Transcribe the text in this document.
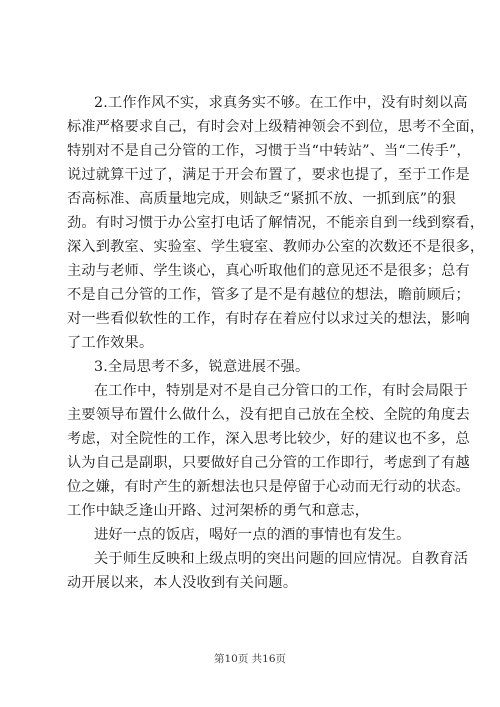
2.工作作风不实，求真务实不够。在工作中，没有时刻以高
标准严格要求自己，有时会对上级精神领会不到位，思考不全面，
特别对不是自己分管的工作，习惯于当“中转站”、当“二传手”，
说过就算干过了，满足于开会布置了，要求也提了，至于工作是
否高标准、高质量地完成，则缺乏“紧抓不放、一抓到底”的狠
劲。有时习惯于办公室打电话了解情况，不能亲自到一线到察看，
深入到教室、实验室、学生寝室、教师办公室的次数还不是很多，
主动与老师、学生谈心，真心听取他们的意见还不是很多；总有
不是自己分管的工作，管多了是不是有越位的想法，瞻前顾后；
对一些看似软性的工作，有时存在着应付以求过关的想法，影响
了工作效果。
3.全局思考不多，锐意进展不强。
在工作中，特别是对不是自己分管口的工作，有时会局限于
主要领导布置什么做什么，没有把自己放在全校、全院的角度去
考虑，对全院性的工作，深入思考比较少，好的建议也不多，总
认为自己是副职，只要做好自己分管的工作即行，考虑到了有越
位之嫌，有时产生的新想法也只是停留于心动而无行动的状态。
工作中缺乏逢山开路、过河架桥的勇气和意志，
进好一点的饭店，喝好一点的酒的事情也有发生。
关于师生反映和上级点明的突出问题的回应情况。自教育活
动开展以来，本人没收到有关问题。
第10页 共16页
